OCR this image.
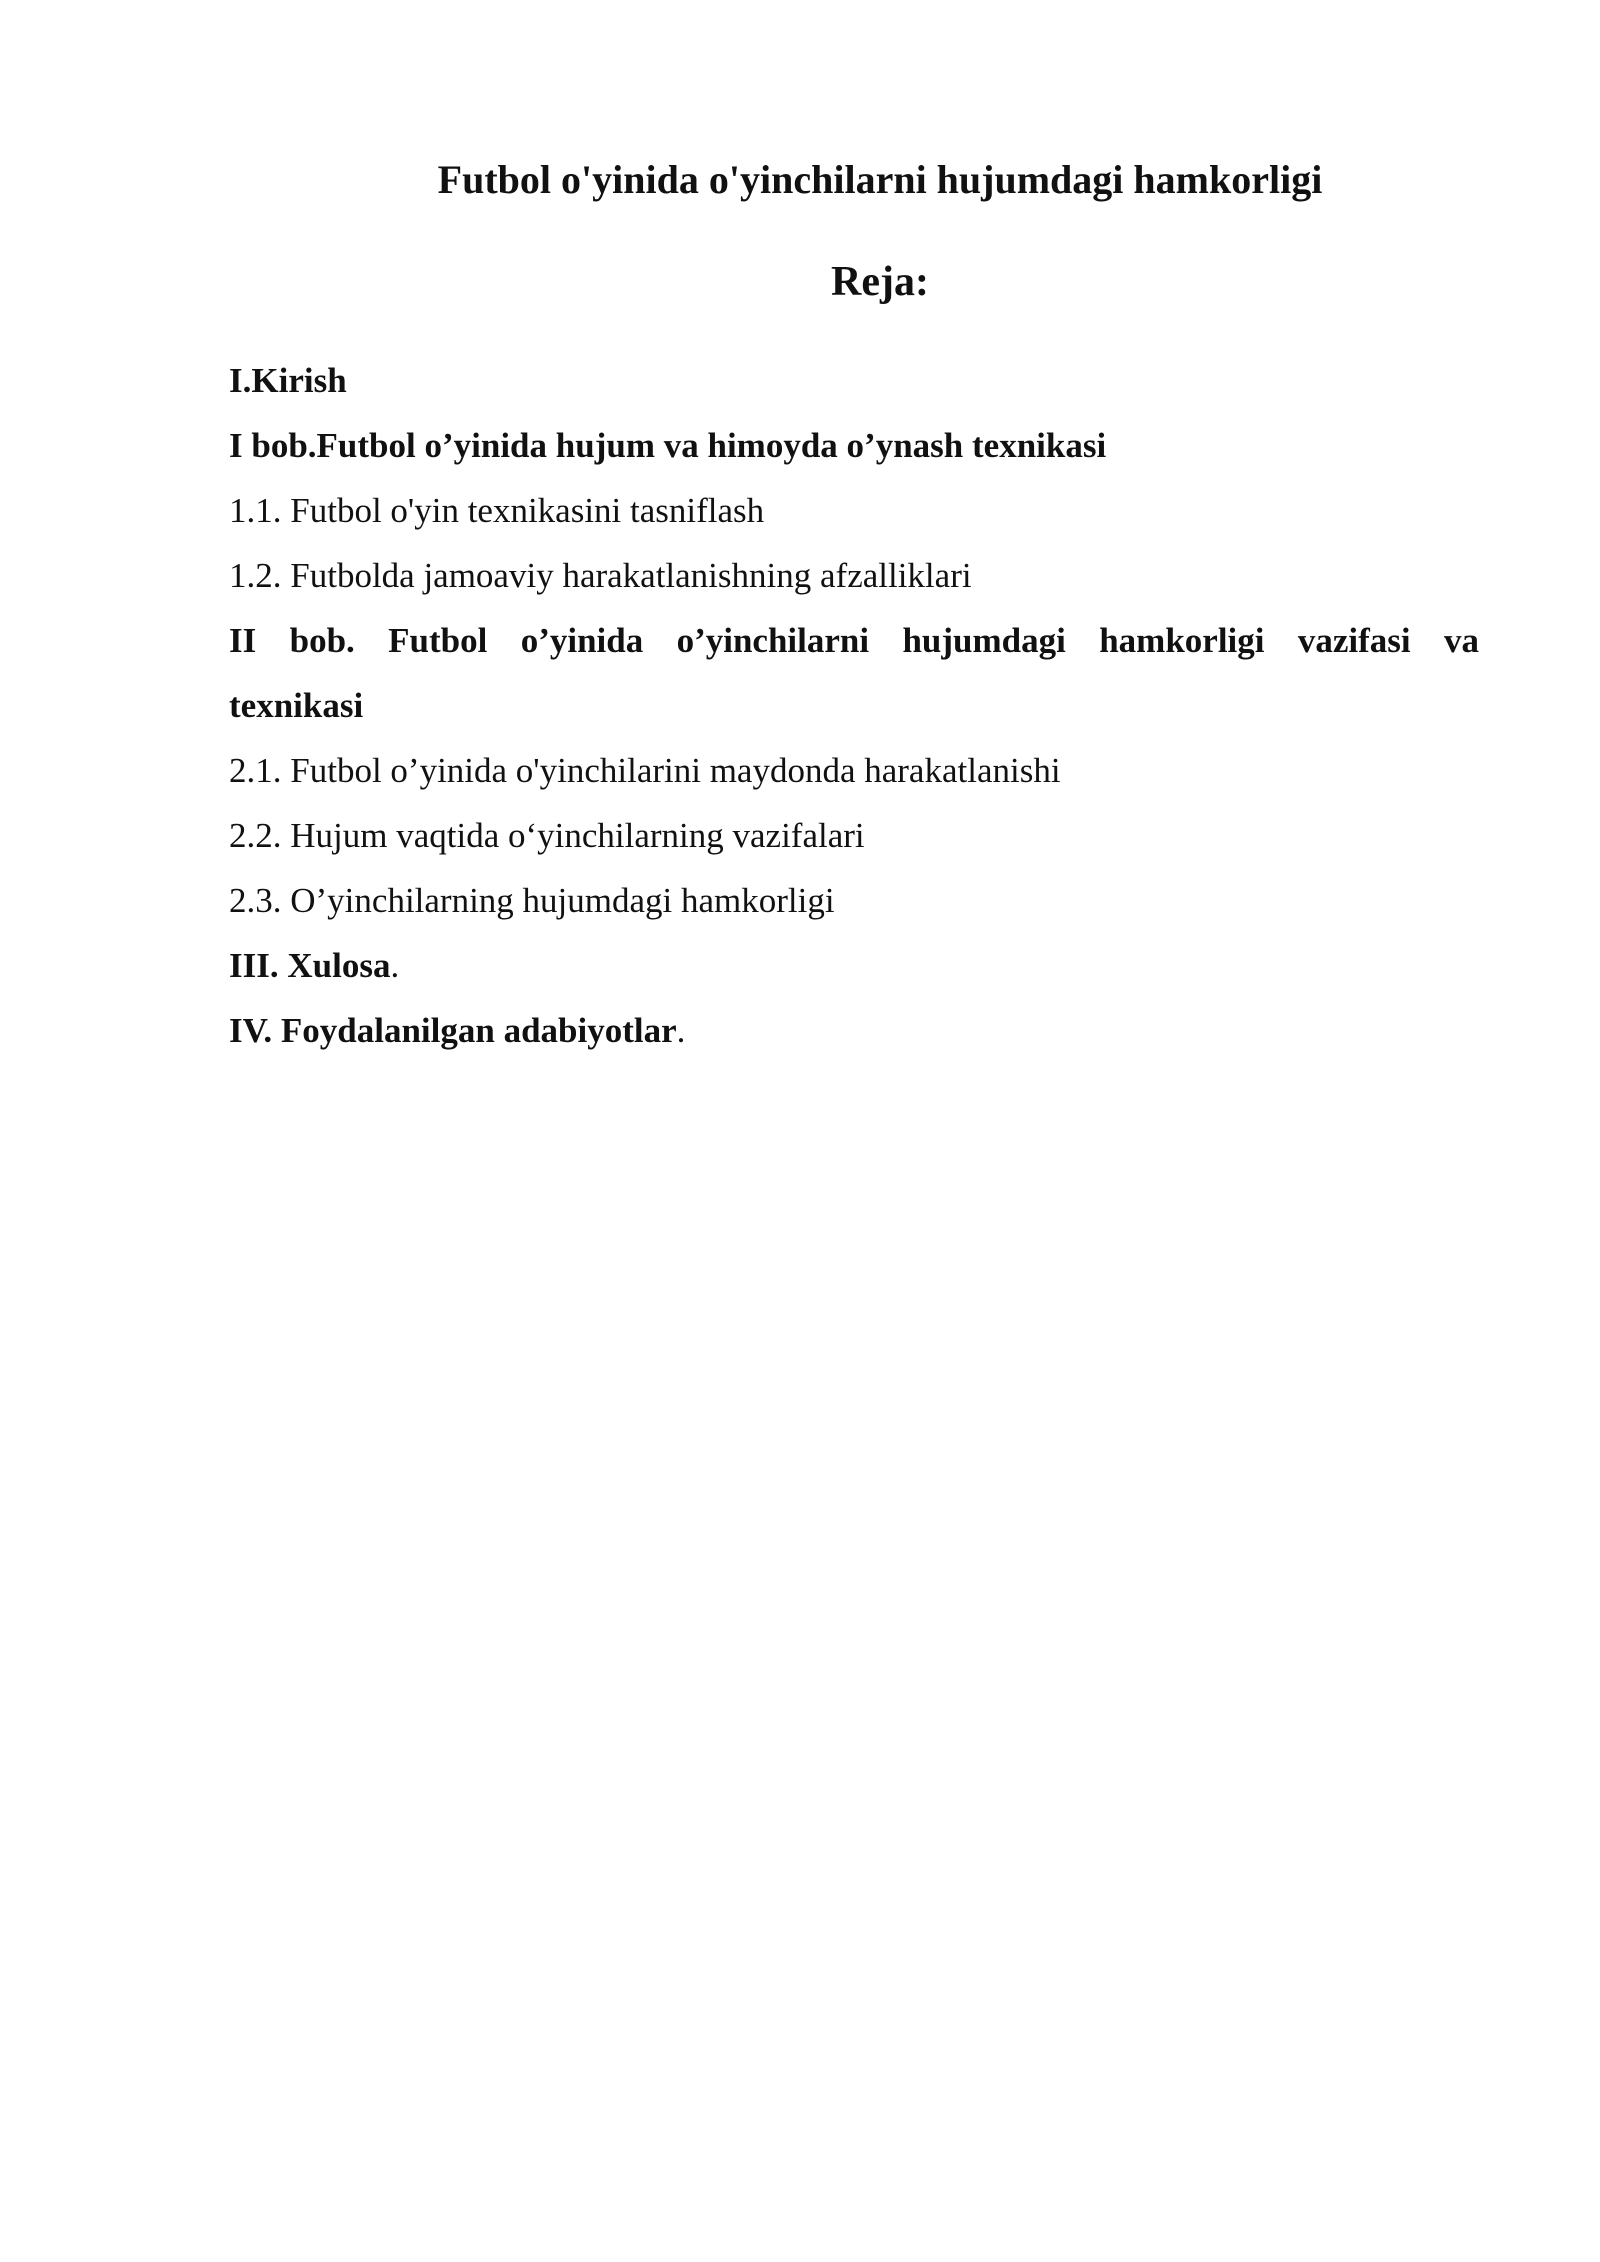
Futbol o'yinida o'yinchilarni hujumdagi hamkorligi
Reja:
I.Kirish
I bob.Futbol o’yinida hujum va himoyda o’ynash texnikasi
1.1. Futbol o'yin texnikasini tasniflash
1.2. Futbolda jamoaviy harakatlanishning afzalliklari
II bob. Futbol o’yinida o’yinchilarni hujumdagi hamkorligi vazifasi va
texnikasi
2.1. Futbol o’yinida o'yinchilarini maydonda harakatlanishi
2.2. Hujum vaqtida o‘yinchilarning vazifalari
2.3. O’yinchilarning hujumdagi hamkorligi
III. Xulosa.
IV. Foydalanilgan adabiyotlar.
